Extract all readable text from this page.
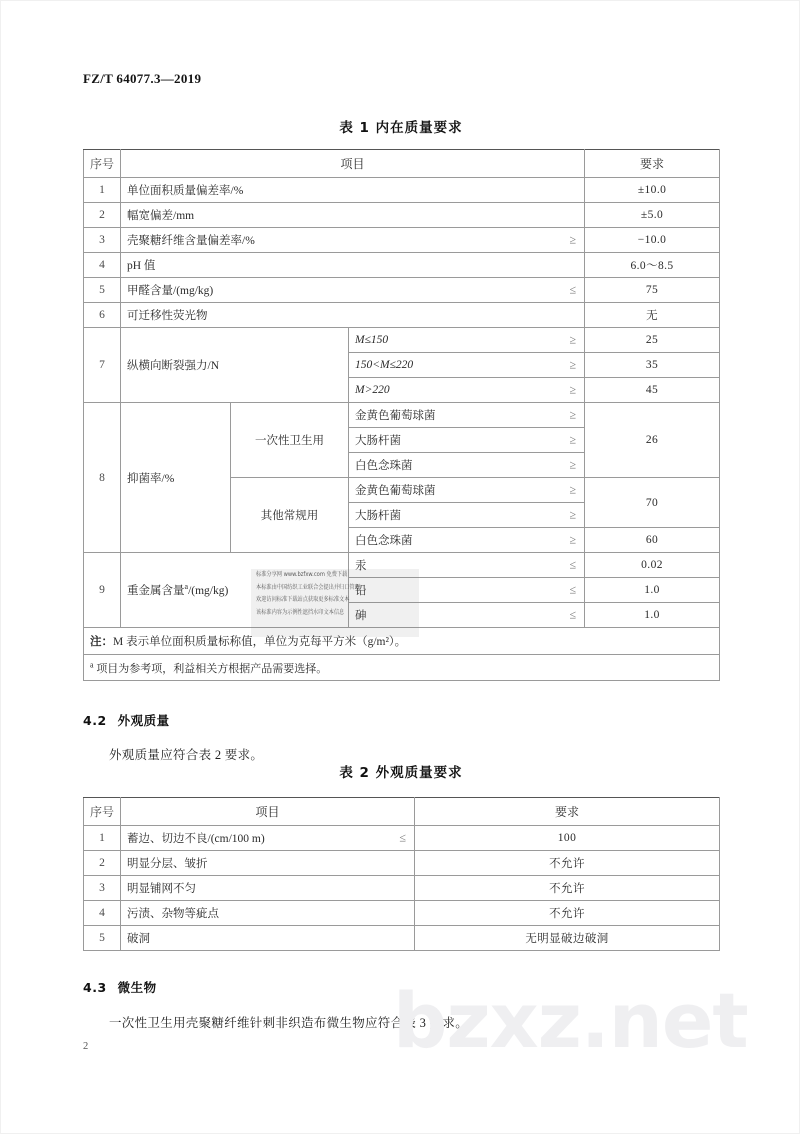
FZ/T 64077.3—2019
表 1 内在质量要求
序号	项目			要求
1	单位面积质量偏差率/%			±10.0
2	幅宽偏差/mm			±5.0
3	壳聚糖纤维含量偏差率/% ≥			−10.0
4	pH 值			6.0～8.5
5	甲醛含量/(mg/kg) ≤			75
6	可迁移性荧光物			无
7	纵横向断裂强力/N		M≤150 ≥	25
			150<M≤220 ≥	35
			M>220 ≥	45
8	抑菌率/%	一次性卫生用	金黄色葡萄球菌 ≥	26
			大肠杆菌 ≥	

			白色念珠菌 ≥	

		其他常规用	金黄色葡萄球菌 ≥	70
			大肠杆菌 ≥	

			白色念珠菌 ≥	60
9	重金属含量$^a$/(mg/kg)		汞 ≤	0.02
			铅 ≤	1.0
			砷 ≤	1.0
注：M 表示单位面积质量标称值，单位为克每平方米（g/m²）。				
$^a$ 项目为参考项，利益相关方根据产品需要选择。				
4.2 外观质量
外观质量应符合表 2 要求。
表 2 外观质量要求
序号	项目	要求
1	蓄边、切边不良/(cm/100 m) ≤	100
2	明显分层、皱折	不允许
3	明显铺网不匀	不允许
4	污渍、杂物等疵点	不允许
5	破洞	无明显破边破洞
4.3 微生物
一次性卫生用壳聚糖纤维针刺非织造布微生物应符合表 3 要求。
2	bzxz.net
标准分享网 www.bzfxw.com 免费下载
本标准由中国纺织工业联合会提出并归口管理
欢迎访问标准下载站点获取更多标准文本
该标准内容为示例性遮挡水印文本信息
